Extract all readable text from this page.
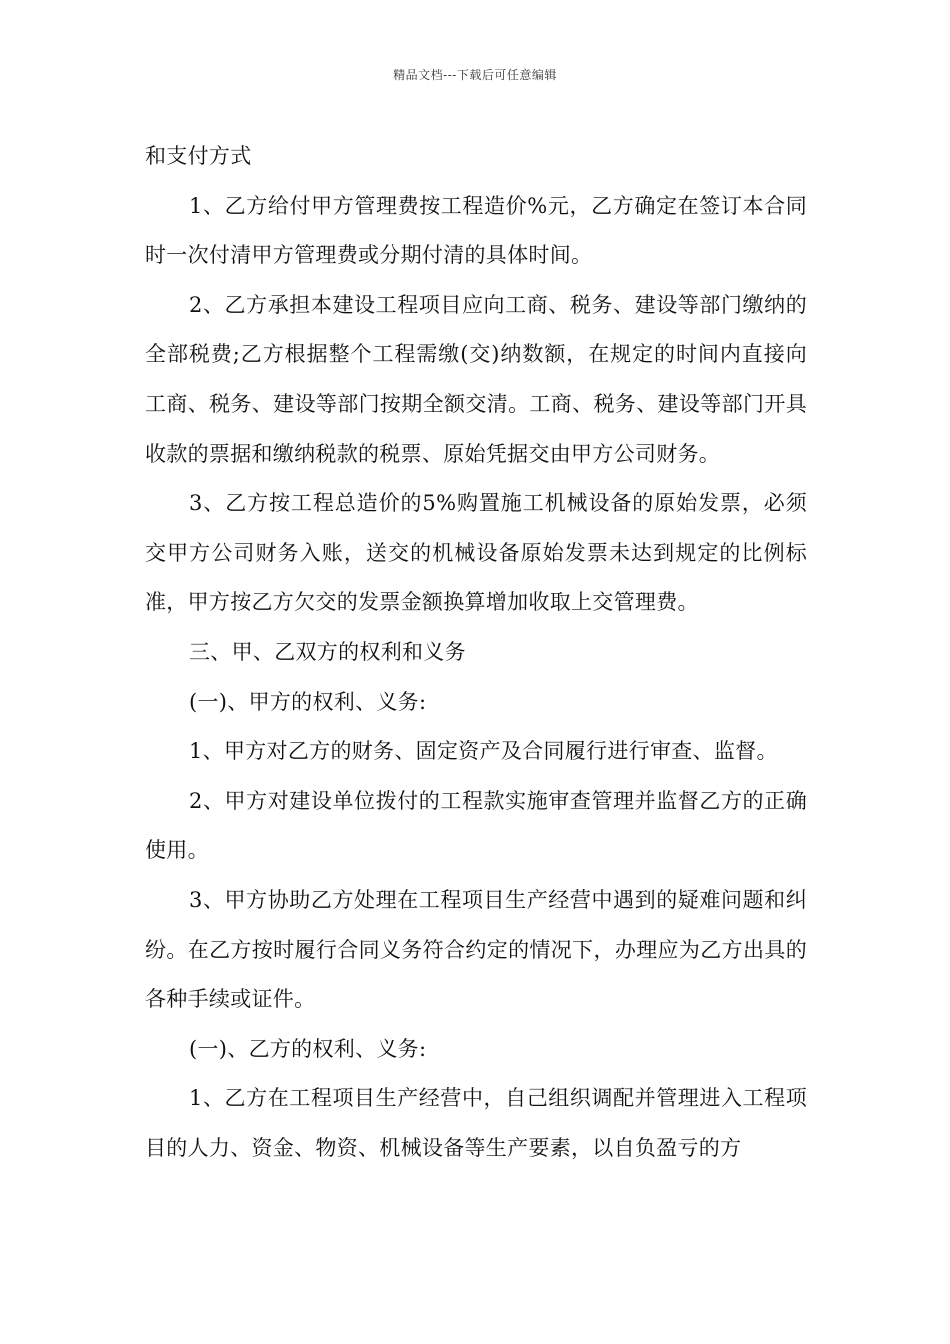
精品文档---下载后可任意编辑

和支付方式

1、乙方给付甲方管理费按工程造价%元，乙方确定在签订本合同时一次付清甲方管理费或分期付清的具体时间。

2、乙方承担本建设工程项目应向工商、税务、建设等部门缴纳的全部税费;乙方根据整个工程需缴(交)纳数额，在规定的时间内直接向工商、税务、建设等部门按期全额交清。工商、税务、建设等部门开具收款的票据和缴纳税款的税票、原始凭据交由甲方公司财务。

3、乙方按工程总造价的5%购置施工机械设备的原始发票，必须交甲方公司财务入账，送交的机械设备原始发票未达到规定的比例标准，甲方按乙方欠交的发票金额换算增加收取上交管理费。

三、甲、乙双方的权利和义务

(一)、甲方的权利、义务:

1、甲方对乙方的财务、固定资产及合同履行进行审查、监督。

2、甲方对建设单位拨付的工程款实施审查管理并监督乙方的正确使用。

3、甲方协助乙方处理在工程项目生产经营中遇到的疑难问题和纠纷。在乙方按时履行合同义务符合约定的情况下，办理应为乙方出具的各种手续或证件。

(一)、乙方的权利、义务:

1、乙方在工程项目生产经营中，自己组织调配并管理进入工程项目的人力、资金、物资、机械设备等生产要素，以自负盈亏的方
